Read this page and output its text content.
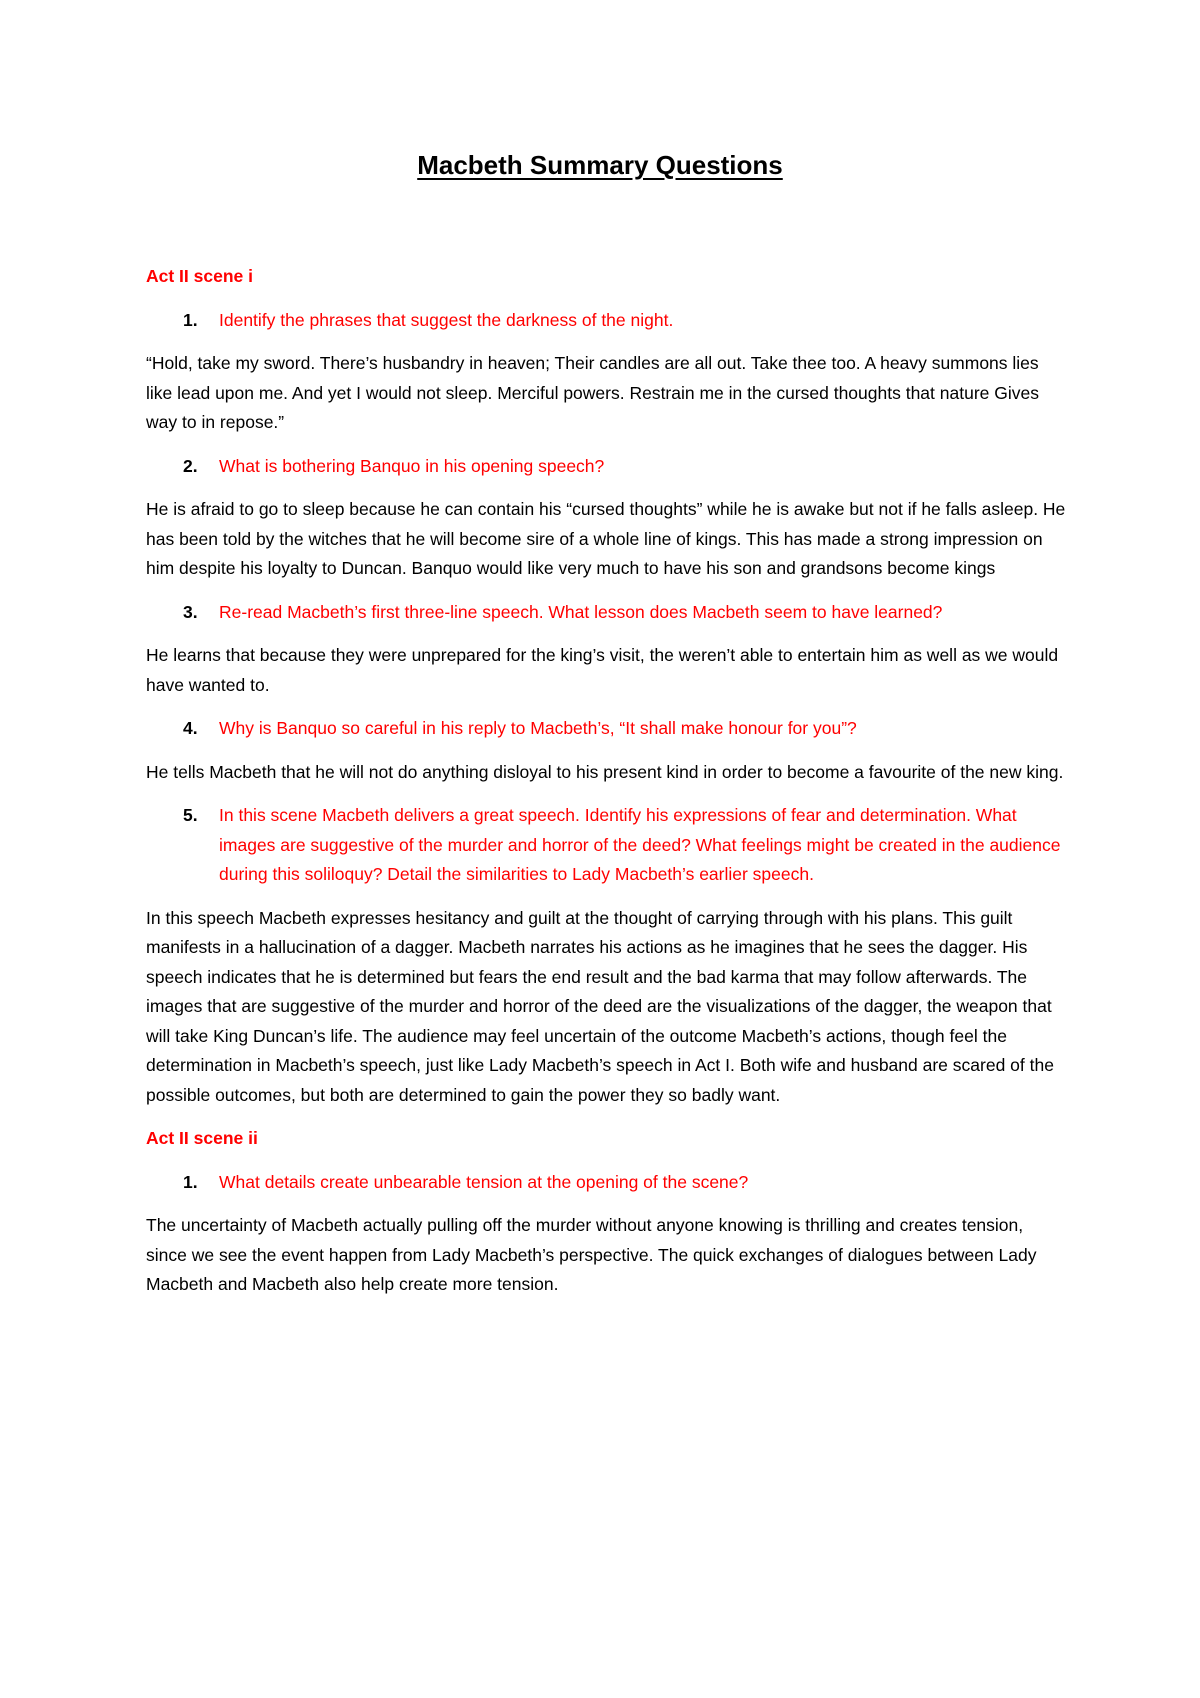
Macbeth Summary Questions
Act II scene i
1. Identify the phrases that suggest the darkness of the night.

“Hold, take my sword. There’s husbandry in heaven; Their candles are all out. Take thee too. A heavy summons lies like lead upon me. And yet I would not sleep. Merciful powers. Restrain me in the cursed thoughts that nature Gives way to in repose.”

2. What is bothering Banquo in his opening speech?

He is afraid to go to sleep because he can contain his “cursed thoughts” while he is awake but not if he falls asleep. He has been told by the witches that he will become sire of a whole line of kings. This has made a strong impression on him despite his loyalty to Duncan. Banquo would like very much to have his son and grandsons become kings

3. Re-read Macbeth’s first three-line speech. What lesson does Macbeth seem to have learned?

He learns that because they were unprepared for the king’s visit, the weren’t able to entertain him as well as we would have wanted to.

4. Why is Banquo so careful in his reply to Macbeth’s, “It shall make honour for you”?

He tells Macbeth that he will not do anything disloyal to his present kind in order to become a favourite of the new king.

5. In this scene Macbeth delivers a great speech. Identify his expressions of fear and determination. What images are suggestive of the murder and horror of the deed? What feelings might be created in the audience during this soliloquy? Detail the similarities to Lady Macbeth’s earlier speech.

In this speech Macbeth expresses hesitancy and guilt at the thought of carrying through with his plans. This guilt manifests in a hallucination of a dagger. Macbeth narrates his actions as he imagines that he sees the dagger. His speech indicates that he is determined but fears the end result and the bad karma that may follow afterwards. The images that are suggestive of the murder and horror of the deed are the visualizations of the dagger, the weapon that will take King Duncan’s life. The audience may feel uncertain of the outcome Macbeth’s actions, though feel the determination in Macbeth’s speech, just like Lady Macbeth’s speech in Act I. Both wife and husband are scared of the possible outcomes, but both are determined to gain the power they so badly want.

Act II scene ii
1. What details create unbearable tension at the opening of the scene?

The uncertainty of Macbeth actually pulling off the murder without anyone knowing is thrilling and creates tension, since we see the event happen from Lady Macbeth’s perspective. The quick exchanges of dialogues between Lady Macbeth and Macbeth also help create more tension.
